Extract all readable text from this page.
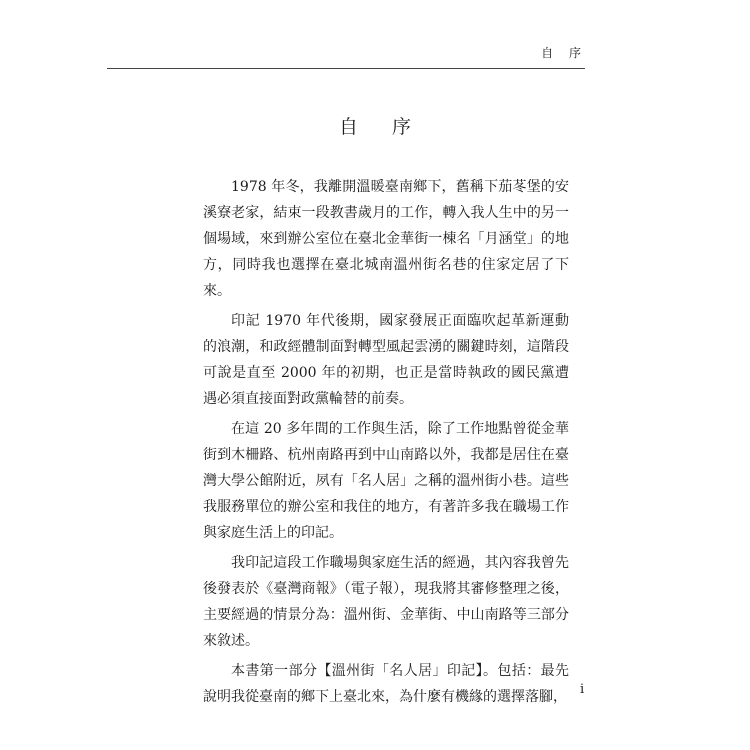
自 序
自 序

1978 年冬，我離開溫暖臺南鄉下，舊稱下茄苳堡的安溪寮老家，結束一段教書歲月的工作，轉入我人生中的另一個場域，來到辦公室位在臺北金華街一棟名「月涵堂」的地方，同時我也選擇在臺北城南溫州街名巷的住家定居了下來。

印記 1970 年代後期，國家發展正面臨吹起革新運動的浪潮，和政經體制面對轉型風起雲湧的關鍵時刻，這階段可說是直至 2000 年的初期，也正是當時執政的國民黨遭遇必須直接面對政黨輪替的前奏。

在這 20 多年間的工作與生活，除了工作地點曾從金華街到木柵路、杭州南路再到中山南路以外，我都是居住在臺灣大學公館附近，夙有「名人居」之稱的溫州街小巷。這些我服務單位的辦公室和我住的地方，有著許多我在職場工作與家庭生活上的印記。

我印記這段工作職場與家庭生活的經過，其內容我曾先後發表於《臺灣商報》（電子報），現我將其審修整理之後，主要經過的情景分為：溫州街、金華街、中山南路等三部分來敘述。

本書第一部分【溫州街「名人居」印記】。包括：最先說明我從臺南的鄉下上臺北來，為什麼有機緣的選擇落腳， i
